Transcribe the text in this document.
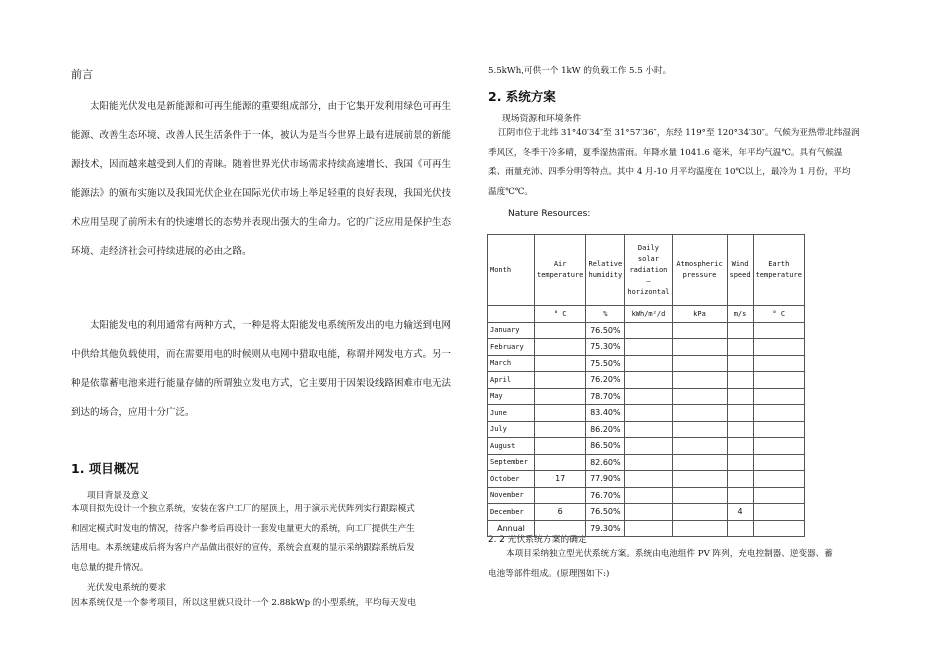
前言
太阳能光伏发电是新能源和可再生能源的重要组成部分，由于它集开发利用绿色可再生
能源、改善生态环境、改善人民生活条件于一体，被认为是当今世界上最有进展前景的新能
源技术，因而越来越受到人们的青睐。随着世界光伏市场需求持续高速增长、我国《可再生
能源法》的颁布实施以及我国光伏企业在国际光伏市场上举足轻重的良好表现，我国光伏技
术应用呈现了前所未有的快速增长的态势并表现出强大的生命力。它的广泛应用是保护生态
环境、走经济社会可持续进展的必由之路。
太阳能发电的利用通常有两种方式，一种是将太阳能发电系统所发出的电力输送到电网
中供给其他负载使用，而在需要用电的时候则从电网中猎取电能，称谓并网发电方式。另一
种是依靠蓄电池来进行能量存储的所谓独立发电方式，它主要用于因架设线路困难市电无法
到达的场合，应用十分广泛。
1. 项目概况
项目背景及意义
本项目拟先设计一个独立系统，安装在客户工厂的屋顶上，用于演示光伏阵列实行跟踪模式
和固定模式时发电的情况，待客户参考后再设计一套发电量更大的系统，向工厂提供生产生
活用电。本系统建成后将为客户产品做出很好的宣传，系统会直观的显示采纳跟踪系统后发
电总量的提升情况。
光伏发电系统的要求
因本系统仅是一个参考项目，所以这里就只设计一个 2.88kWp 的小型系统，平均每天发电
5.5kWh,可供一个 1kW 的负载工作 5.5 小时。
2. 系统方案
现场资源和环境条件
江阴市位于北纬 31°40′34″至 31°57′36″，东经 119°至 120°34′30″。气候为亚热带北纬湿润
季风区，冬季干冷多晴，夏季湿热雷雨。年降水量 1041.6 毫米，年平均气温℃。具有气候温
柔、雨量充沛、四季分明等特点。其中 4 月-10 月平均温度在 10℃以上，最冷为 1 月份，平均
温度℃℃。
Nature Resources:
2. 2 光伏系统方案的确定
本项目采纳独立型光伏系统方案。系统由电池组件 PV 阵列，充电控制器、逆变器、蓄
电池等部件组成。(原理图如下:)
Month	Air temperature	Relative humidity	Daily solar radiation – horizontal	Atmospheric pressure	Wind speed	Earth temperature
	° C	%	kWh/m²/d	kPa	m/s	° C
January		76.50%				
February		75.30%				
March		75.50%				
April		76.20%				
May		78.70%				
June		83.40%				
July		86.20%				
August		86.50%				
September		82.60%				
October	17	77.90%				
November		76.70%				
December	6	76.50%			4	
Annual		79.30%				
